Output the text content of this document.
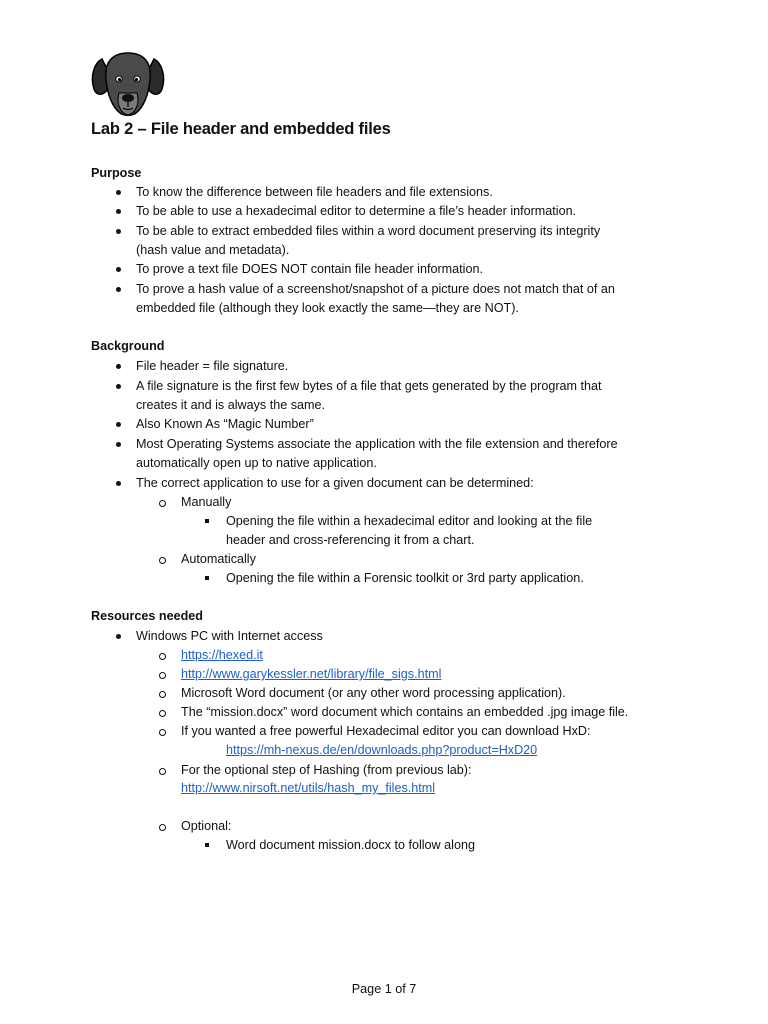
Lab 2 – File header and embedded files
Purpose
To know the difference between file headers and file extensions.
To be able to use a hexadecimal editor to determine a file’s header information.
To be able to extract embedded files within a word document preserving its integrity
(hash value and metadata).
To prove a text file DOES NOT contain file header information.
To prove a hash value of a screenshot/snapshot of a picture does not match that of an
embedded file (although they look exactly the same—they are NOT).
Background
File header = file signature.
A file signature is the first few bytes of a file that gets generated by the program that
creates it and is always the same.
Also Known As “Magic Number”
Most Operating Systems associate the application with the file extension and therefore
automatically open up to native application.
The correct application to use for a given document can be determined:
Manually
Opening the file within a hexadecimal editor and looking at the file
header and cross-referencing it from a chart.
Automatically
Opening the file within a Forensic toolkit or 3rd party application.
Resources needed
Windows PC with Internet access
https://hexed.it
http://www.garykessler.net/library/file_sigs.html
Microsoft Word document (or any other word processing application).
The “mission.docx” word document which contains an embedded .jpg image file.
If you wanted a free powerful Hexadecimal editor you can download HxD:
https://mh-nexus.de/en/downloads.php?product=HxD20
For the optional step of Hashing (from previous lab):
http://www.nirsoft.net/utils/hash_my_files.html
Optional:
Word document mission.docx to follow along
Page 1 of 7
